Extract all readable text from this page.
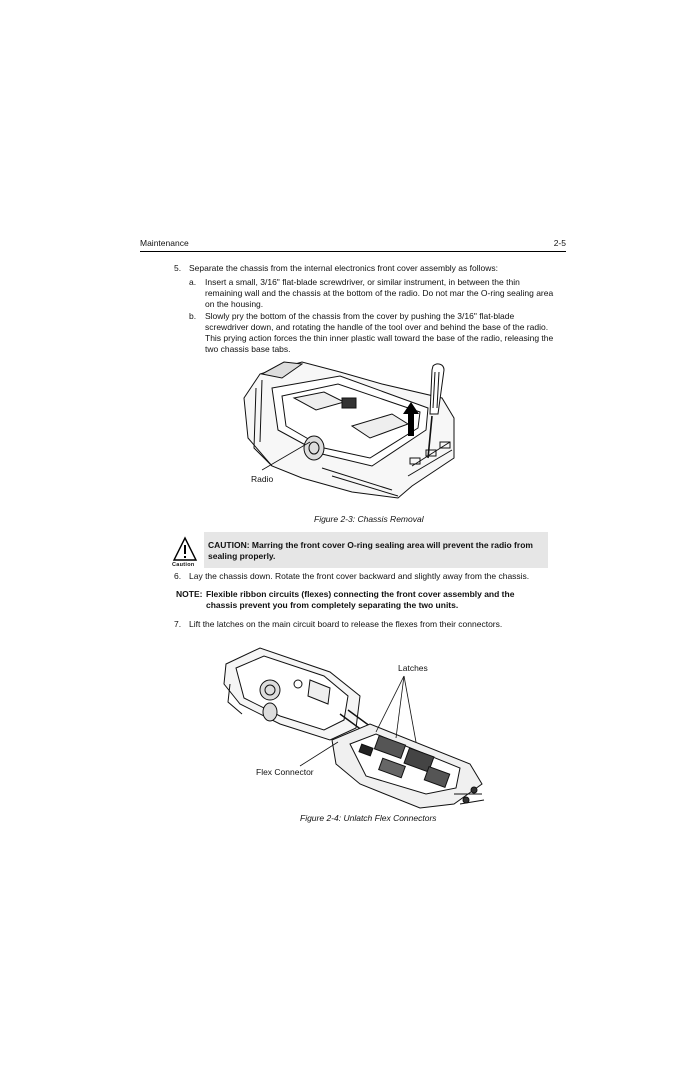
Maintenance	2-5
5. Separate the chassis from the internal electronics front cover assembly as follows:
a. Insert a small, 3/16" flat-blade screwdriver, or similar instrument, in between the thin
remaining wall and the chassis at the bottom of the radio. Do not mar the O-ring sealing area
on the housing.
b. Slowly pry the bottom of the chassis from the cover by pushing the 3/16" flat-blade
screwdriver down, and rotating the handle of the tool over and behind the base of the radio.
This prying action forces the thin inner plastic wall toward the base of the radio, releasing the
two chassis base tabs.
Radio
Figure 2-3: Chassis Removal
Caution
CAUTION: Marring the front cover O-ring sealing area will prevent the radio from
sealing properly.
6. Lay the chassis down. Rotate the front cover backward and slightly away from the chassis.
NOTE: Flexible ribbon circuits (flexes) connecting the front cover assembly and the
chassis prevent you from completely separating the two units.
7. Lift the latches on the main circuit board to release the flexes from their connectors.
Latches
Flex Connector
Figure 2-4: Unlatch Flex Connectors
